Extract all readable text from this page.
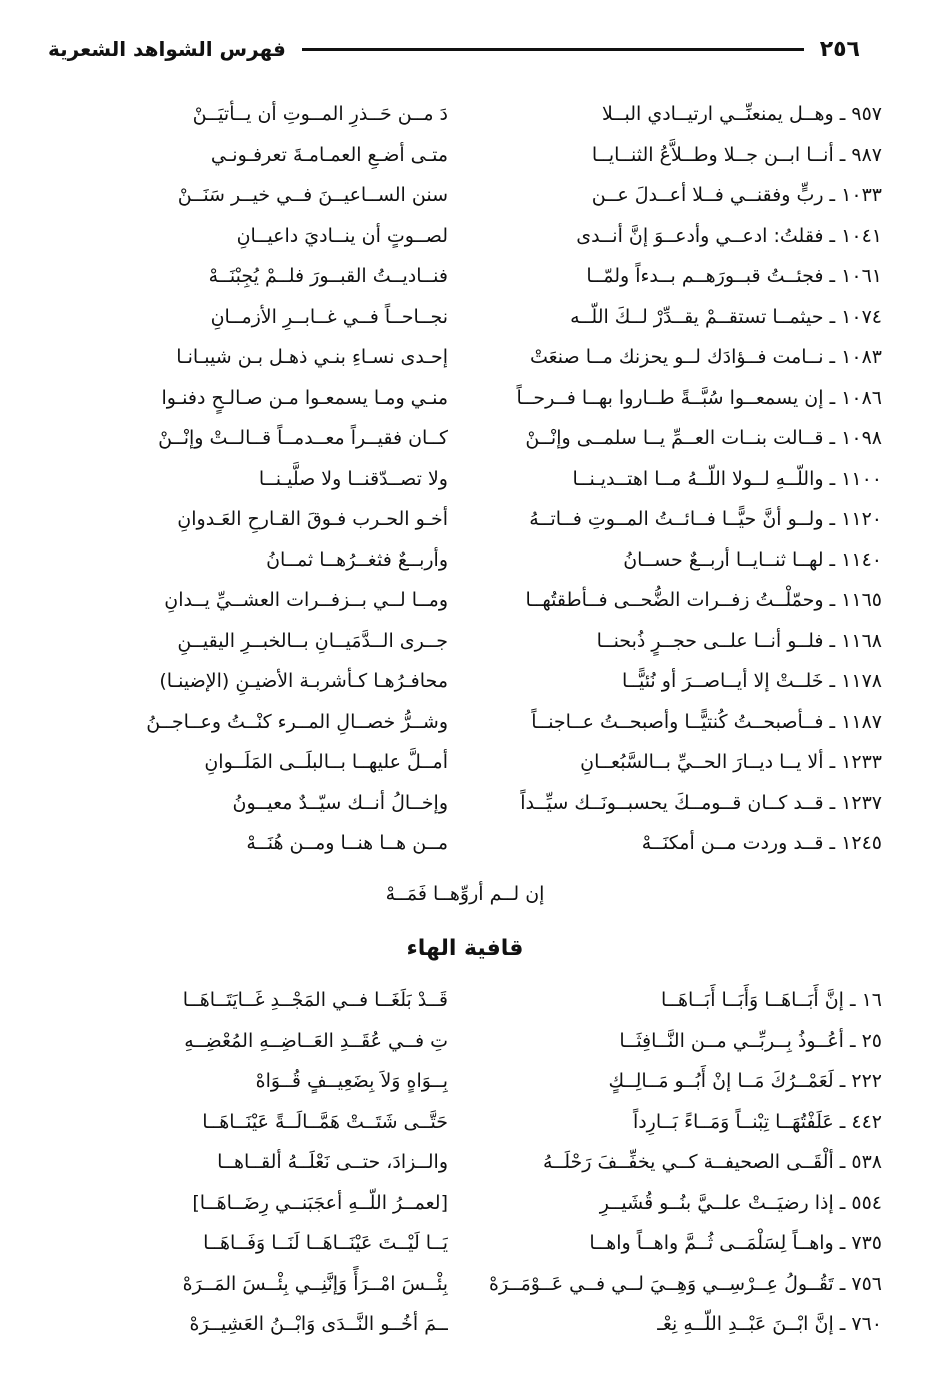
٢٥٦
فهرس الشواهد الشعرية
٩٥٧ ـ وهــل يمنعنِّــي ارتيــادي البــلا
دَ مــن حَــذرِ المــوتِ أن يــأتيَــنْ
٩٨٧ ـ أنــا ابــن جــلا وطــلاَّعُ الثنــايــا
متـى أضـعِ العمـامـةَ تعرفـونـي
١٠٣٣ ـ ربٍّ وفقنــي فــلا أعــدلَ عــن
سنن الســاعيــنَ فــي خيــر سَنَــنْ
١٠٤١ ـ فقلتُ: ادعــي وأدعــوَ إنَّ أنــدى
لصــوتٍ أن ينــاديَ داعيــانِ
١٠٦١ ـ فجئــتُ قبــورَهــم بــدءاً ولمّــا
فنــاديــتُ القبــورَ فلــمْ يُجِبْنَــهْ
١٠٧٤ ـ حيثمــا تستقــمْ يقــدِّرْ لــكَ اللّــه
نجــاحــاً فــي غــابــرِ الأزمــانِ
١٠٨٣ ـ نــامت فــؤادَك لــو يحزنك مــا صنعَتْ
إحـدى نسـاءِ بنـي ذهـل بـن شيبـانـا
١٠٨٦ ـ إن يسمعــوا سُبَّــةً طــاروا بهــا فــرحــاً
منـي ومـا يسمعـوا مـن صـالـحٍ دفنـوا
١٠٩٨ ـ قــالت بنــات العــمِّ يــا سلمــى وإنْــنْ
كــان فقيــراً معــدمــاً قــالــتْ وإنْــنْ
١١٠٠ ـ واللّــهِ لــولا اللّــهُ مــا اهتــديـنــا
ولا تصــدّقنــا ولا صلَّيـنــا
١١٢٠ ـ ولــو أنَّ حيًّــا فــائــتُ المــوتِ فــاتــهُ
أخـو الحـرب فـوقَ القـارحِ العَـدوانِ
١١٤٠ ـ لهــا ثنــايــا أربــعٌ حســانُ
وأربــعٌ فثغــرُهــا ثمــانُ
١١٦٥ ـ وحمّلْــتُ زفــرات الضُّحــى فــأطقتُهــا
ومــا لــي بــزفــرات العشــيِّ يــدانِ
١١٦٨ ـ فلــو أنــا علــى حجــرٍ ذُبحنــا
جــرى الــدَّمَيــانِ بــالخبــرِ اليقيــنِ
١١٧٨ ـ خَلــتْ إلا أيــاصــرَ أو نُئيًّــا
محافـرُهـا كـأشربـة الأضيـنِ (الإضينـا)
١١٨٧ ـ فــأصبحــتُ كُنتيًّــا وأصبحــتُ عــاجنــاً
وشــرُّ خصــالِ المــرء كنْــتُ وعــاجــنُ
١٢٣٣ ـ ألا يــا ديــارَ الحــيِّ بــالسَّبُعــانِ
أمــلَّ عليهــا بــالبلَــى المَلَــوانِ
١٢٣٧ ـ قــد كــان قــومــكَ يحسبــونَــك سيِّــداً
وإخــالُ أنــك سيّــدٌ معيــونُ
١٢٤٥ ـ قــد وردت مــن أمكنَــهْ
مــن هــا هنــا ومــن هُنَــهْ
إن لــم أروِّهــا فَمَــهْ
قافية الهاء
١٦ ـ إنَّ أَبَــاهَــا وَأَبَــا أَبَــاهَــا
قَــدْ بَلَغَــا فــي المَجْــدِ غَــايَتَــاهَــا
٢٥ ـ أعُــوذُ بِــربِّــي مــن النَّــافِثَــا
تِ فــي عُقَــدِ العَــاضِــهِ المُعْضِــهِ
٢٢٢ ـ لَعَمْــرُكَ مَــا إنْ أَبُــو مَــالِــكٍ
بِــوَاهٍ وَلاَ بِضَعِيــفٍ قُــوَاهْ
٤٤٢ ـ عَلَفْتُهَــا تِبْنــاً وَمَــاءً بَــارِداً
حَتَّــى شَتَــتْ هَمَّــالَــةً عَيْنَــاهَــا
٥٣٨ ـ ألْقَــى الصحيفــة كــي يخفِّــفَ رَحْلَــهُ
والــزادَ، حتــى نَعْلَــهُ ألقــاهــا
٥٥٤ ـ إذا رضيَــتْ علــيَّ بنُــو قُشَيــرِ
[لعمــرُ اللّــهِ أعجَبَنــي رِضَــاهَــا]
٧٣٥ ـ واهــاً لِسَلْمَــى ثُــمَّ واهــاً واهــا
يَــا لَيْــتَ عَيْنَــاهَــا لَنَــا وَفَــاهَــا
٧٥٦ ـ تَقُــولُ عِــرْسِــي وَهِــيَ لــي فــي عَــوْمَــرَهْ
بِئْــسَ امْــرَأً وَإنَّنِــي بِئْــسَ المَــرَهْ
٧٦٠ ـ إنَّ ابْــنَ عَبْــدِ اللّــهِ نِعْـ
ــمَ أخُــو النَّــدَى وَابْــنُ العَشِيــرَهْ
